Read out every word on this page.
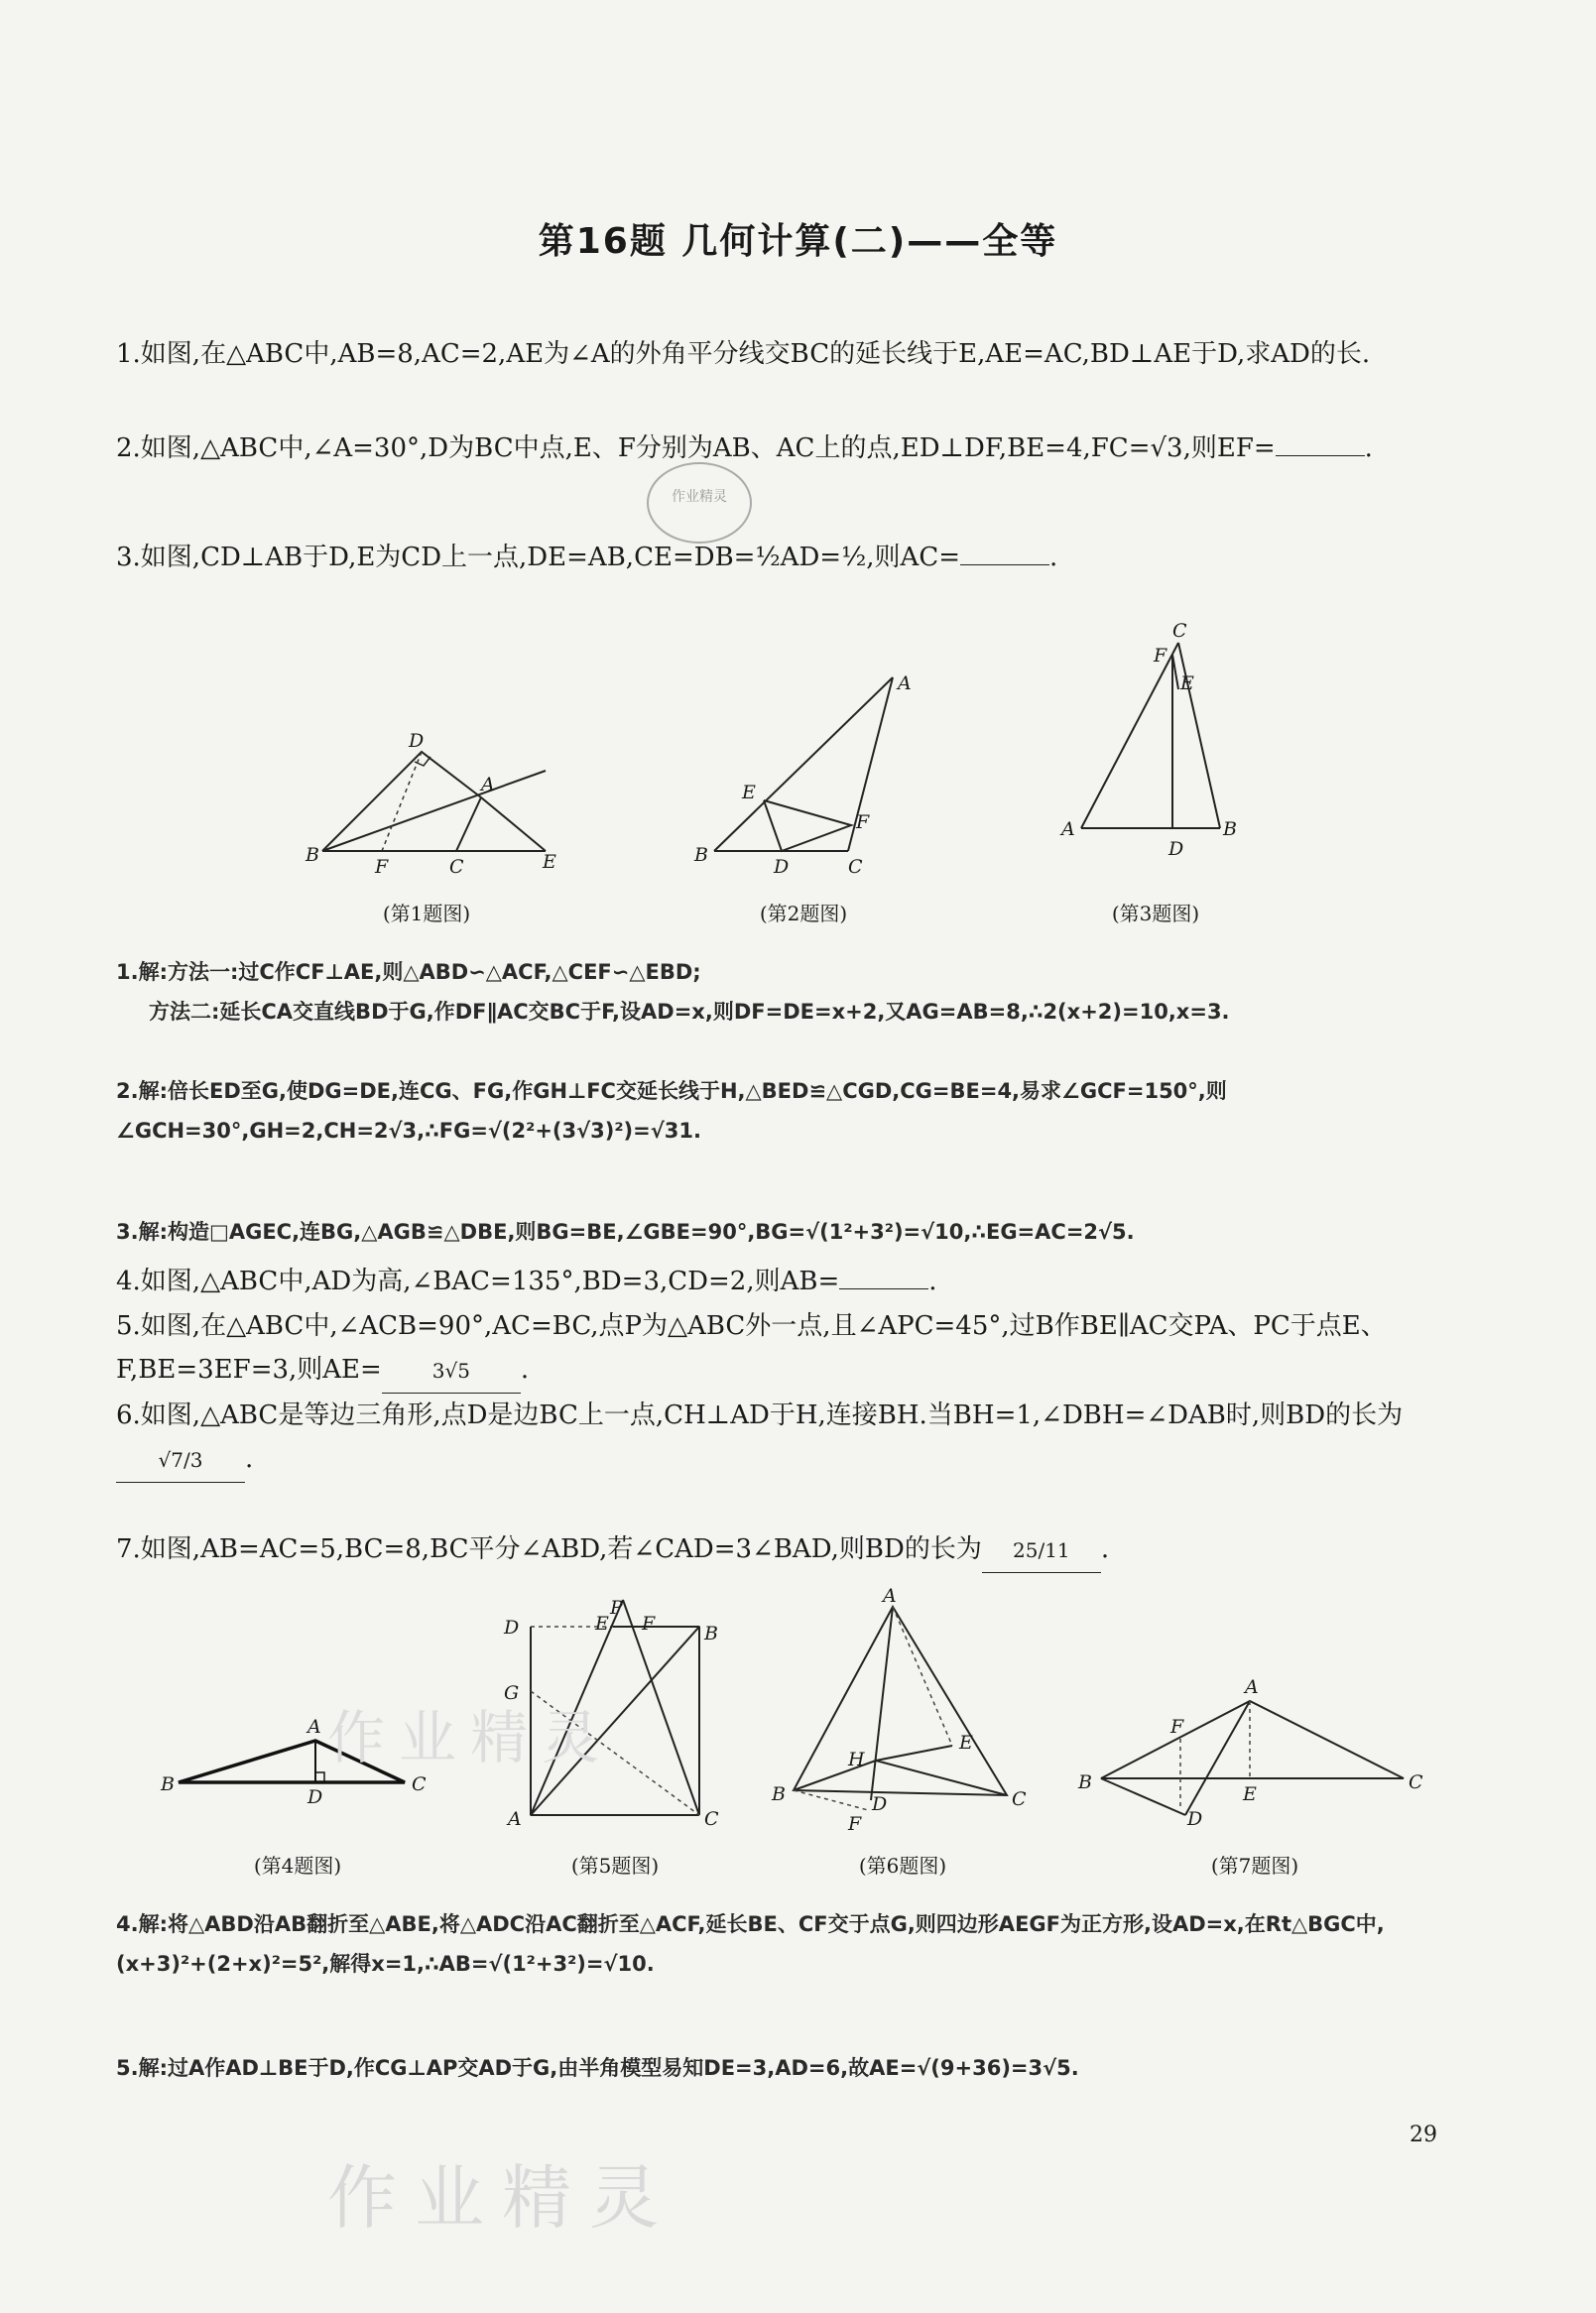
第16题 几何计算(二)——全等
1.如图,在△ABC中,AB=8,AC=2,AE为∠A的外角平分线交BC的延长线于E,AE=AC,BD⊥AE于D,求AD的长.
2.如图,△ABC中,∠A=30°,D为BC中点,E、F分别为AB、AC上的点,ED⊥DF,BE=4,FC=√3,则EF=	.
3.如图,CD⊥AB于D,E为CD上一点,DE=AB,CE=DB=½AD=½,则AC=	.
作业精灵
B
D
A
F	C	E	B
A
E
D
F
C
A	B
D
C
F
E
(第1题图)	(第2题图)	(第3题图)
1.解:方法一:过C作CF⊥AE,则△ABD∽△ACF,△CEF∽△EBD;
方法二:延长CA交直线BD于G,作DF∥AC交BC于F,设AD=x,则DF=DE=x+2,又AG=AB=8,∴2(x+2)=10,x=3.
2.解:倍长ED至G,使DG=DE,连CG、FG,作GH⊥FC交延长线于H,△BED≌△CGD,CG=BE=4,易求∠GCF=150°,则∠GCH=30°,GH=2,CH=2√3,∴FG=√(2²+(3√3)²)=√31.
3.解:构造□AGEC,连BG,△AGB≌△DBE,则BG=BE,∠GBE=90°,BG=√(1²+3²)=√10,∴EG=AC=2√5.
4.如图,△ABC中,AD为高,∠BAC=135°,BD=3,CD=2,则AB=	.
5.如图,在△ABC中,∠ACB=90°,AC=BC,点P为△ABC外一点,且∠APC=45°,过B作BE∥AC交PA、PC于点E、F,BE=3EF=3,则AE=	3√5 .
6.如图,△ABC是等边三角形,点D是边BC上一点,CH⊥AD于H,连接BH.当BH=1,∠DBH=∠DAB时,则BD的长为√7/3 .
7.如图,AB=AC=5,BC=8,BC平分∠ABD,若∠CAD=3∠BAD,则BD的长为 25/11 .
B
A
D
C
D
P
E F	B
G
A	C
A
B	C
H
E
D
F
B
A
C
F
E
D
作业精灵
(第4题图)	(第5题图)	(第6题图)	(第7题图)
4.解:将△ABD沿AB翻折至△ABE,将△ADC沿AC翻折至△ACF,延长BE、CF交于点G,则四边形AEGF为正方形,设AD=x,在Rt△BGC中,(x+3)²+(2+x)²=5²,解得x=1,∴AB=√(1²+3²)=√10.
5.解:过A作AD⊥BE于D,作CG⊥AP交AD于G,由半角模型易知DE=3,AD=6,故AE=√(9+36)=3√5.
作业精灵
29
